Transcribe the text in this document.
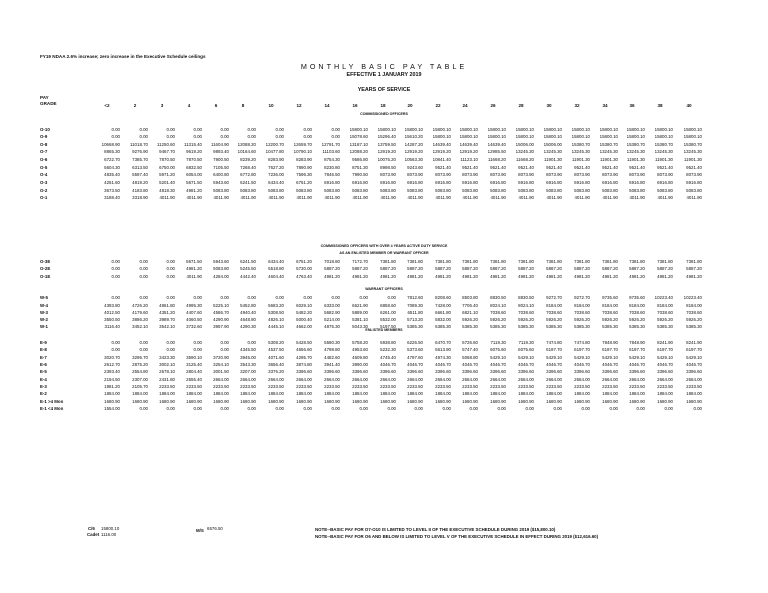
FY19 NDAA 2.6% increase; zero increase in the Executive Schedule ceilings
MONTHLY BASIC PAY TABLE
EFFECTIVE 1 JANUARY 2019
YEARS OF SERVICE
PAY
GRADE	<2	2	3	4	6	8	10	12	14	16	18	20	22	24	26	28	30	32	34	36	38	40
COMMISSIONED OFFICERS
O-10	0.00	0.00	0.00	0.00	0.00	0.00	0.00	0.00	0.00	15800.10	15800.10	15800.10	15800.10	15800.10	15800.10	15800.10	15800.10	15800.10	15800.10	15800.10	15800.10	15800.10
O-9	0.00	0.00	0.00	0.00	0.00	0.00	0.00	0.00	0.00	15078.60	15296.40	15610.20	15800.10	15800.10	15800.10	15800.10	15800.10	15800.10	15800.10	15800.10	15800.10	15800.10
O-8	10668.90	11018.70	11250.60	11315.40	11604.90	12088.20	12200.70	12659.70	12791.70	13187.10	13759.50	14287.20	14639.40	14639.40	14639.40	15006.00	15006.00	15380.70	15380.70	15380.70	15380.70	15380.70
O-7	8865.30	9276.90	9467.70	9619.20	9893.40	10164.60	10477.80	10790.10	11103.60	12088.20	12919.20	12919.20	12919.20	12919.20	12985.50	13245.30	13245.30	13245.30	13245.30	13245.30	13245.30	13245.30
O-6	6722.70	7385.70	7870.50	7870.50	7900.50	8239.20	8283.90	8283.90	8754.30	9586.80	10075.20	10563.30	10841.40	11123.10	11668.20	11668.20	11901.30	11901.30	11901.30	11901.30	11901.30	11901.30
O-5	5604.30	6313.50	6750.00	6832.50	7105.50	7268.40	7627.20	7890.90	8230.80	8751.30	8998.50	9243.60	9521.40	9521.40	9521.40	9521.40	9521.40	9521.40	9521.40	9521.40	9521.40	9521.40
O-4	4835.40	5597.40	5971.20	6054.00	6400.80	6772.80	7236.00	7596.30	7846.50	7990.50	8073.90	8073.90	8073.90	8073.90	8073.90	8073.90	8073.90	8073.90	8073.90	8073.90	8073.90	8073.90
O-3	4251.60	4819.20	5201.40	5671.50	5943.60	6241.50	6434.40	6751.20	6916.80	6916.80	6916.80	6916.80	6916.80	6916.80	6916.80	6916.80	6916.80	6916.80	6916.80	6916.80	6916.80	6916.80
O-2	3673.50	4183.80	4818.30	4981.20	5083.80	5083.80	5083.80	5083.80	5083.80	5083.80	5083.80	5083.80	5083.80	5083.80	5083.80	5083.80	5083.80	5083.80	5083.80	5083.80	5083.80	5083.80
O-1	3188.40	3318.90	4011.90	4011.90	4011.90	4011.90	4011.90	4011.90	4011.90	4011.90	4011.90	4011.90	4011.90	4011.90	4011.90	4011.90	4011.90	4011.90	4011.90	4011.90	4011.90	4011.90
COMMISSIONED OFFICERS WITH OVER 4 YEARS ACTIVE DUTY SERVICE
AS AN ENLISTED MEMBER OR WARRANT OFFICER
O-3E	0.00	0.00	0.00	5671.50	5943.60	6241.50	6434.40	6751.20	7018.80	7172.70	7381.80	7381.80	7381.80	7381.80	7381.80	7381.80	7381.80	7381.80	7381.80	7381.80	7381.80	7381.80
O-2E	0.00	0.00	0.00	4981.20	5083.80	5245.50	5518.80	5730.00	5887.20	5887.20	5887.20	5887.20	5887.20	5887.20	5887.20	5887.20	5887.20	5887.20	5887.20	5887.20	5887.20	5887.20
O-1E	0.00	0.00	0.00	4011.90	4284.00	4442.40	4604.40	4763.40	4981.20	4981.20	4981.20	4981.20	4981.20	4981.20	4981.20	4981.20	4981.20	4981.20	4981.20	4981.20	4981.20	4981.20
WARRANT OFFICERS
W-5	0.00	0.00	0.00	0.00	0.00	0.00	0.00	0.00	0.00	0.00	0.00	7812.60	8208.60	8503.80	8830.50	8830.50	9272.70	9272.70	9735.60	9735.60	10223.40	10223.40
W-4	4393.80	4726.20	4861.80	4995.30	5225.10	5452.80	5683.20	6029.10	6333.00	6621.90	6858.60	7089.30	7428.00	7706.40	8024.10	8024.10	8184.00	8184.00	8184.00	8184.00	8184.00	8184.00
W-3	4012.50	4179.60	4351.20	4407.60	4586.70	4940.40	5308.50	5482.20	5682.90	5889.00	6261.00	6511.80	6661.80	6821.10	7038.60	7038.60	7038.60	7038.60	7038.60	7038.60	7038.60	7038.60
W-2	3550.50	3886.20	3989.70	4060.50	4290.90	4648.80	4826.10	5000.40	5214.00	5381.10	5532.00	5713.20	5832.00	5926.20	5926.20	5926.20	5926.20	5926.20	5926.20	5926.20	5926.20	5926.20
W-1	3116.40	3452.10	3542.10	3732.60	3957.90	4290.30	4445.10	4662.00	4875.30	5043.30	5197.50	5385.30	5385.30	5385.30	5385.30	5385.30	5385.30	5385.30	5385.30	5385.30	5385.30	5385.30
ENLISTED MEMBERS
E-9	0.00	0.00	0.00	0.00	0.00	0.00	5308.20	5428.50	5580.30	5758.20	5938.80	6226.50	6470.70	6726.60	7119.30	7119.30	7474.80	7474.80	7848.90	7848.90	8241.90	8241.90
E-8	0.00	0.00	0.00	0.00	0.00	4345.50	4537.50	4656.60	4798.80	4953.60	5232.30	5373.60	5613.90	5747.40	6075.60	6075.60	6197.70	6197.70	6197.70	6197.70	6197.70	6197.70
E-7	3020.70	3296.70	3423.30	3590.10	3720.90	3945.00	4071.60	4295.70	4482.60	4609.80	4745.40	4797.60	4974.30	5068.80	5429.10	5429.10	5429.10	5429.10	5429.10	5429.10	5429.10	5429.10
E-6	2612.70	2875.20	3002.10	3125.40	3254.10	3543.30	3656.40	3874.80	3941.40	3990.00	4046.70	4046.70	4046.70	4046.70	4046.70	4046.70	4046.70	4046.70	4046.70	4046.70	4046.70	4046.70
E-5	2393.40	2554.80	2678.10	2804.40	3001.50	3207.00	3376.20	3396.60	3396.60	3396.60	3396.60	3396.60	3396.60	3396.60	3396.60	3396.60	3396.60	3396.60	3396.60	3396.60	3396.60	3396.60
E-4	2194.50	2307.00	2431.80	2555.40	2664.00	2664.00	2664.00	2664.00	2664.00	2664.00	2664.00	2664.00	2664.00	2664.00	2664.00	2664.00	2664.00	2664.00	2664.00	2664.00	2664.00	2664.00
E-3	1981.20	2105.70	2233.50	2233.50	2233.50	2233.50	2233.50	2233.50	2233.50	2233.50	2233.50	2233.50	2233.50	2233.50	2233.50	2233.50	2233.50	2233.50	2233.50	2233.50	2233.50	2233.50
E-2	1884.00	1884.00	1884.00	1884.00	1884.00	1884.00	1884.00	1884.00	1884.00	1884.00	1884.00	1884.00	1884.00	1884.00	1884.00	1884.00	1884.00	1884.00	1884.00	1884.00	1884.00	1884.00
E-1 >4 Mon	1680.90	1680.90	1680.90	1680.90	1680.90	1680.90	1680.90	1680.90	1680.90	1680.90	1680.90	1680.90	1680.90	1680.90	1680.90	1680.90	1680.90	1680.90	1680.90	1680.90	1680.90	1680.90
E-1 <4 Mon	1554.00	0.00	0.00	0.00	0.00	0.00	0.00	0.00	0.00	0.00	0.00	0.00	0.00	0.00	0.00	0.00	0.00	0.00	0.00	0.00	0.00	0.00
C/6
Cadet
15800.10
1116.00
M/S 6576.50	NOTE--BASIC PAY FOR O7-O10 IS LIMITED TO LEVEL II OF THE EXECUTIVE SCHEDULE DURING 2019 ($15,800.10)
NOTE--BASIC PAY FOR O6 AND BELOW IS LIMITED TO LEVEL V OF THE EXECUTIVE SCHEDULE IN EFFECT DURING 2019 ($12,616.60)
